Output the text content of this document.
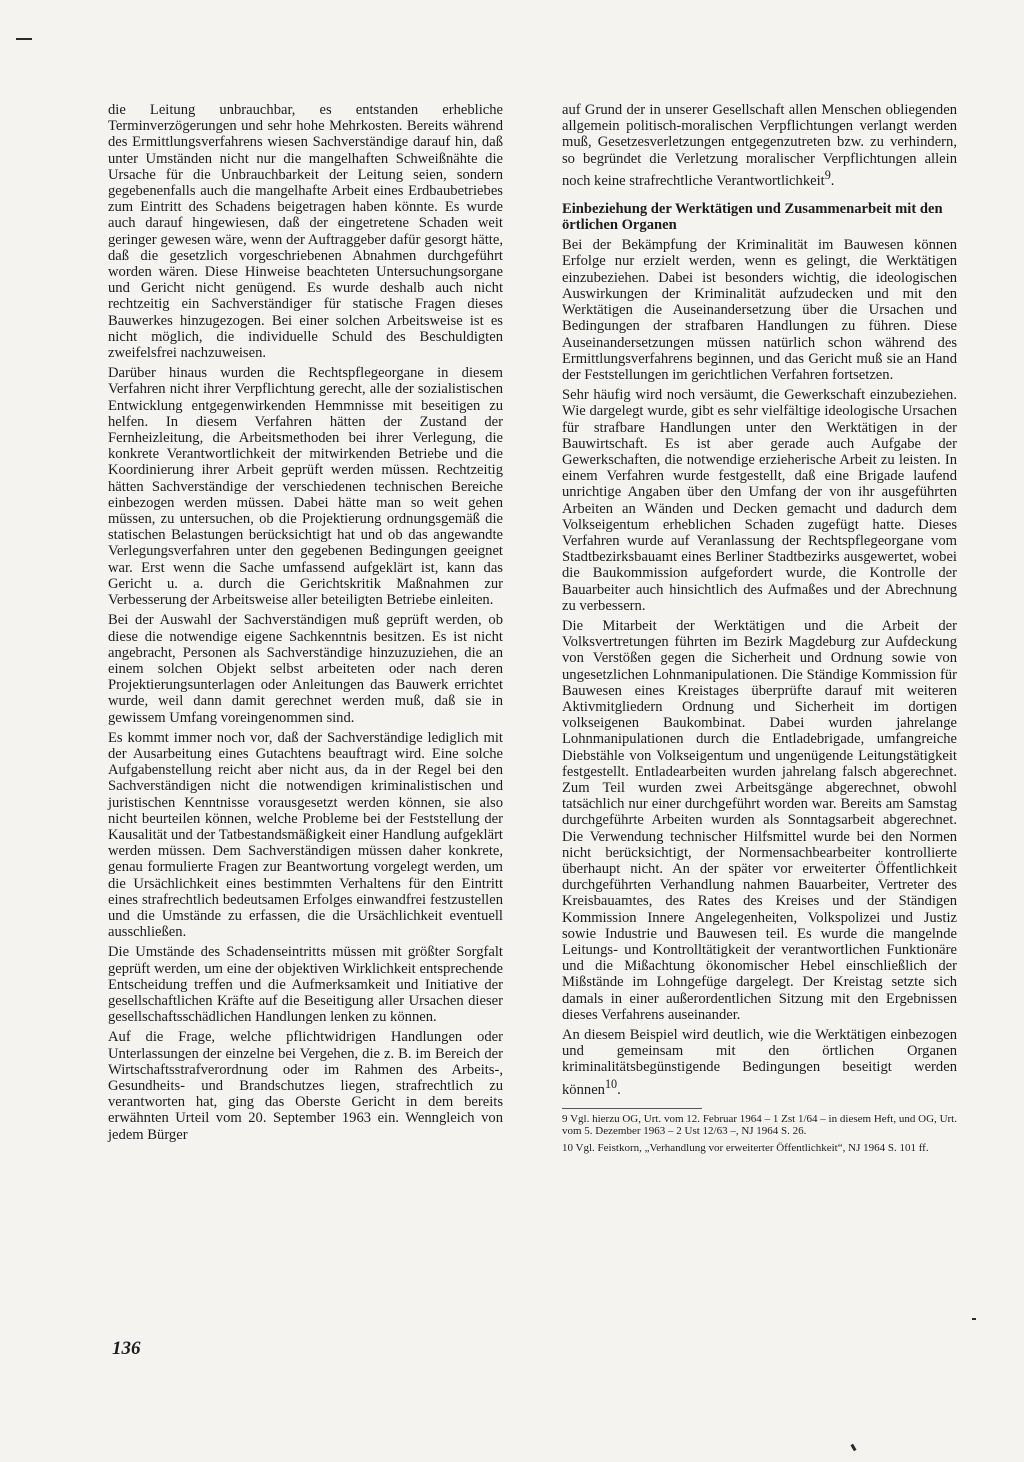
die Leitung unbrauchbar, es entstanden erhebliche Terminverzögerungen und sehr hohe Mehrkosten. Bereits während des Ermittlungsverfahrens wiesen Sachverständige darauf hin, daß unter Umständen nicht nur die mangelhaften Schweißnähte die Ursache für die Unbrauchbarkeit der Leitung seien, sondern gegebenenfalls auch die mangelhafte Arbeit eines Erdbaubetriebes zum Eintritt des Schadens beigetragen haben könnte. Es wurde auch darauf hingewiesen, daß der eingetretene Schaden weit geringer gewesen wäre, wenn der Auftraggeber dafür gesorgt hätte, daß die gesetzlich vorgeschriebenen Abnahmen durchgeführt worden wären. Diese Hinweise beachteten Untersuchungsorgane und Gericht nicht genügend. Es wurde deshalb auch nicht rechtzeitig ein Sachverständiger für statische Fragen dieses Bauwerkes hinzugezogen. Bei einer solchen Arbeitsweise ist es nicht möglich, die individuelle Schuld des Beschuldigten zweifelsfrei nachzuweisen.

Darüber hinaus wurden die Rechtspflegeorgane in diesem Verfahren nicht ihrer Verpflichtung gerecht, alle der sozialistischen Entwicklung entgegenwirkenden Hemmnisse mit beseitigen zu helfen. In diesem Verfahren hätten der Zustand der Fernheizleitung, die Arbeitsmethoden bei ihrer Verlegung, die konkrete Verantwortlichkeit der mitwirkenden Betriebe und die Koordinierung ihrer Arbeit geprüft werden müssen. Rechtzeitig hätten Sachverständige der verschiedenen technischen Bereiche einbezogen werden müssen. Dabei hätte man so weit gehen müssen, zu untersuchen, ob die Projektierung ordnungsgemäß die statischen Belastungen berücksichtigt hat und ob das angewandte Verlegungsverfahren unter den gegebenen Bedingungen geeignet war. Erst wenn die Sache umfassend aufgeklärt ist, kann das Gericht u. a. durch die Gerichtskritik Maßnahmen zur Verbesserung der Arbeitsweise aller beteiligten Betriebe einleiten.

Bei der Auswahl der Sachverständigen muß geprüft werden, ob diese die notwendige eigene Sachkenntnis besitzen. Es ist nicht angebracht, Personen als Sachverständige hinzuzuziehen, die an einem solchen Objekt selbst arbeiteten oder nach deren Projektierungsunterlagen oder Anleitungen das Bauwerk errichtet wurde, weil dann damit gerechnet werden muß, daß sie in gewissem Umfang voreingenommen sind.

Es kommt immer noch vor, daß der Sachverständige lediglich mit der Ausarbeitung eines Gutachtens beauftragt wird. Eine solche Aufgabenstellung reicht aber nicht aus, da in der Regel bei den Sachverständigen nicht die notwendigen kriminalistischen und juristischen Kenntnisse vorausgesetzt werden können, sie also nicht beurteilen können, welche Probleme bei der Feststellung der Kausalität und der Tatbestandsmäßigkeit einer Handlung aufgeklärt werden müssen. Dem Sachverständigen müssen daher konkrete, genau formulierte Fragen zur Beantwortung vorgelegt werden, um die Ursächlichkeit eines bestimmten Verhaltens für den Eintritt eines strafrechtlich bedeutsamen Erfolges einwandfrei festzustellen und die Umstände zu erfassen, die die Ursächlichkeit eventuell ausschließen.

Die Umstände des Schadenseintritts müssen mit größter Sorgfalt geprüft werden, um eine der objektiven Wirklichkeit entsprechende Entscheidung treffen und die Aufmerksamkeit und Initiative der gesellschaftlichen Kräfte auf die Beseitigung aller Ursachen dieser gesellschaftsschädlichen Handlungen lenken zu können.

Auf die Frage, welche pflichtwidrigen Handlungen oder Unterlassungen der einzelne bei Vergehen, die z. B. im Bereich der Wirtschaftsstrafverordnung oder im Rahmen des Arbeits-, Gesundheits- und Brandschutzes liegen, strafrechtlich zu verantworten hat, ging das Oberste Gericht in dem bereits erwähnten Urteil vom 20. September 1963 ein. Wenngleich von jedem Bürger

auf Grund der in unserer Gesellschaft allen Menschen obliegenden allgemein politisch-moralischen Verpflichtungen verlangt werden muß, Gesetzesverletzungen entgegenzutreten bzw. zu verhindern, so begründet die Verletzung moralischer Verpflichtungen allein noch keine strafrechtliche Verantwortlichkeit$^9$.

Einbeziehung der Werktätigen und Zusammenarbeit mit den örtlichen Organen

Bei der Bekämpfung der Kriminalität im Bauwesen können Erfolge nur erzielt werden, wenn es gelingt, die Werktätigen einzubeziehen. Dabei ist besonders wichtig, die ideologischen Auswirkungen der Kriminalität aufzudecken und mit den Werktätigen die Auseinandersetzung über die Ursachen und Bedingungen der strafbaren Handlungen zu führen. Diese Auseinandersetzungen müssen natürlich schon während des Ermittlungsverfahrens beginnen, und das Gericht muß sie an Hand der Feststellungen im gerichtlichen Verfahren fortsetzen.

Sehr häufig wird noch versäumt, die Gewerkschaft einzubeziehen. Wie dargelegt wurde, gibt es sehr vielfältige ideologische Ursachen für strafbare Handlungen unter den Werktätigen in der Bauwirtschaft. Es ist aber gerade auch Aufgabe der Gewerkschaften, die notwendige erzieherische Arbeit zu leisten. In einem Verfahren wurde festgestellt, daß eine Brigade laufend unrichtige Angaben über den Umfang der von ihr ausgeführten Arbeiten an Wänden und Decken gemacht und dadurch dem Volkseigentum erheblichen Schaden zugefügt hatte. Dieses Verfahren wurde auf Veranlassung der Rechtspflegeorgane vom Stadtbezirksbauamt eines Berliner Stadtbezirks ausgewertet, wobei die Baukommission aufgefordert wurde, die Kontrolle der Bauarbeiter auch hinsichtlich des Aufmaßes und der Abrechnung zu verbessern.

Die Mitarbeit der Werktätigen und die Arbeit der Volksvertretungen führten im Bezirk Magdeburg zur Aufdeckung von Verstößen gegen die Sicherheit und Ordnung sowie von ungesetzlichen Lohnmanipulationen. Die Ständige Kommission für Bauwesen eines Kreistages überprüfte darauf mit weiteren Aktivmitgliedern Ordnung und Sicherheit im dortigen volkseigenen Baukombinat. Dabei wurden jahrelange Lohnmanipulationen durch die Entladebrigade, umfangreiche Diebstähle von Volkseigentum und ungenügende Leitungstätigkeit festgestellt. Entladearbeiten wurden jahrelang falsch abgerechnet. Zum Teil wurden zwei Arbeitsgänge abgerechnet, obwohl tatsächlich nur einer durchgeführt worden war. Bereits am Samstag durchgeführte Arbeiten wurden als Sonntagsarbeit abgerechnet. Die Verwendung technischer Hilfsmittel wurde bei den Normen nicht berücksichtigt, der Normensachbearbeiter kontrollierte überhaupt nicht. An der später vor erweiterter Öffentlichkeit durchgeführten Verhandlung nahmen Bauarbeiter, Vertreter des Kreisbauamtes, des Rates des Kreises und der Ständigen Kommission Innere Angelegenheiten, Volkspolizei und Justiz sowie Industrie und Bauwesen teil. Es wurde die mangelnde Leitungs- und Kontrolltätigkeit der verantwortlichen Funktionäre und die Mißachtung ökonomischer Hebel einschließlich der Mißstände im Lohngefüge dargelegt. Der Kreistag setzte sich damals in einer außerordentlichen Sitzung mit den Ergebnissen dieses Verfahrens auseinander.

An diesem Beispiel wird deutlich, wie die Werktätigen einbezogen und gemeinsam mit den örtlichen Organen kriminalitätsbegünstigende Bedingungen beseitigt werden können$^{10}$.

9 Vgl. hierzu OG, Urt. vom 12. Februar 1964 – 1 Zst 1/64 – in diesem Heft, und OG, Urt. vom 5. Dezember 1963 – 2 Ust 12/63 –, NJ 1964 S. 26.

10 Vgl. Feistkorn, „Verhandlung vor erweiterter Öffentlichkeit“, NJ 1964 S. 101 ff.

136
